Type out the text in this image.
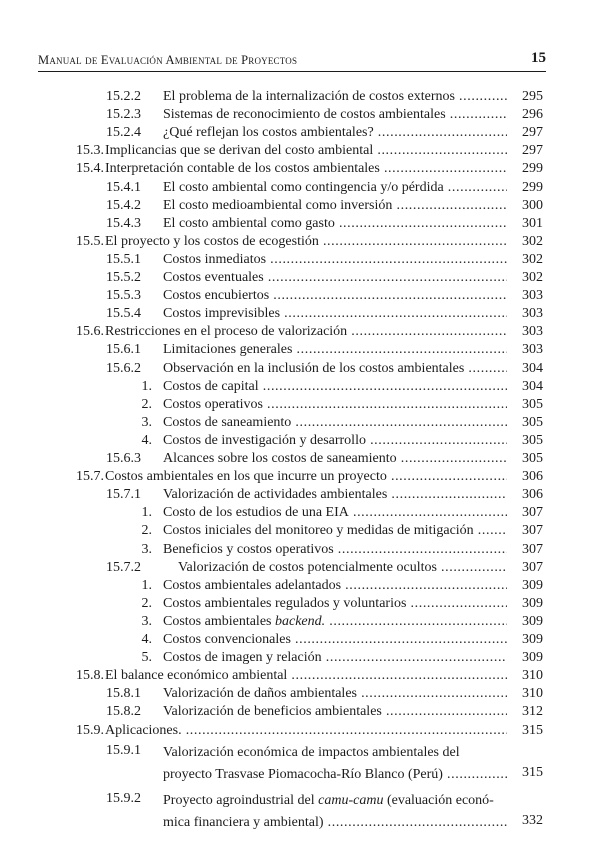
Manual de Evaluación Ambiental de Proyectos	15
15.2.2 El problema de la internalización de costos externos .....	295
15.2.3 Sistemas de reconocimiento de costos ambientales .....	296
15.2.4 ¿Qué reflejan los costos ambientales? .....	297
15.3. Implicancias que se derivan del costo ambiental .....	297
15.4. Interpretación contable de los costos ambientales .....	299
15.4.1 El costo ambiental como contingencia y/o pérdida .....	299
15.4.2 El costo medioambiental como inversión .....	300
15.4.3 El costo ambiental como gasto .....	301
15.5. El proyecto y los costos de ecogestión .....	302
15.5.1 Costos inmediatos .....	302
15.5.2 Costos eventuales .....	302
15.5.3 Costos encubiertos .....	303
15.5.4 Costos imprevisibles .....	303
15.6. Restricciones en el proceso de valorización .....	303
15.6.1 Limitaciones generales .....	303
15.6.2 Observación en la inclusión de los costos ambientales .....	304
1. Costos de capital .....	304
2. Costos operativos .....	305
3. Costos de saneamiento .....	305
4. Costos de investigación y desarrollo .....	305
15.6.3 Alcances sobre los costos de saneamiento .....	305
15.7. Costos ambientales en los que incurre un proyecto .....	306
15.7.1 Valorización de actividades ambientales .....	306
1. Costo de los estudios de una EIA .....	307
2. Costos iniciales del monitoreo y medidas de mitigación .....	307
3. Beneficios y costos operativos .....	307
15.7.2	Valorización de costos potencialmente ocultos .....	307
1. Costos ambientales adelantados .....	309
2. Costos ambientales regulados y voluntarios .....	309
3. Costos ambientales backend. .....	309
4. Costos convencionales .....	309
5. Costos de imagen y relación .....	309
15.8. El balance económico ambiental .....	310
15.8.1 Valorización de daños ambientales .....	310
15.8.2 Valorización de beneficios ambientales .....	312
15.9. Aplicaciones. .....	315
15.9.1 Valorización económica de impactos ambientales del
proyecto Trasvase Piomacocha-Río Blanco (Perú) .....	315
15.9.2 Proyecto agroindustrial del camu-camu (evaluación econó-
mica financiera y ambiental) .....	332
